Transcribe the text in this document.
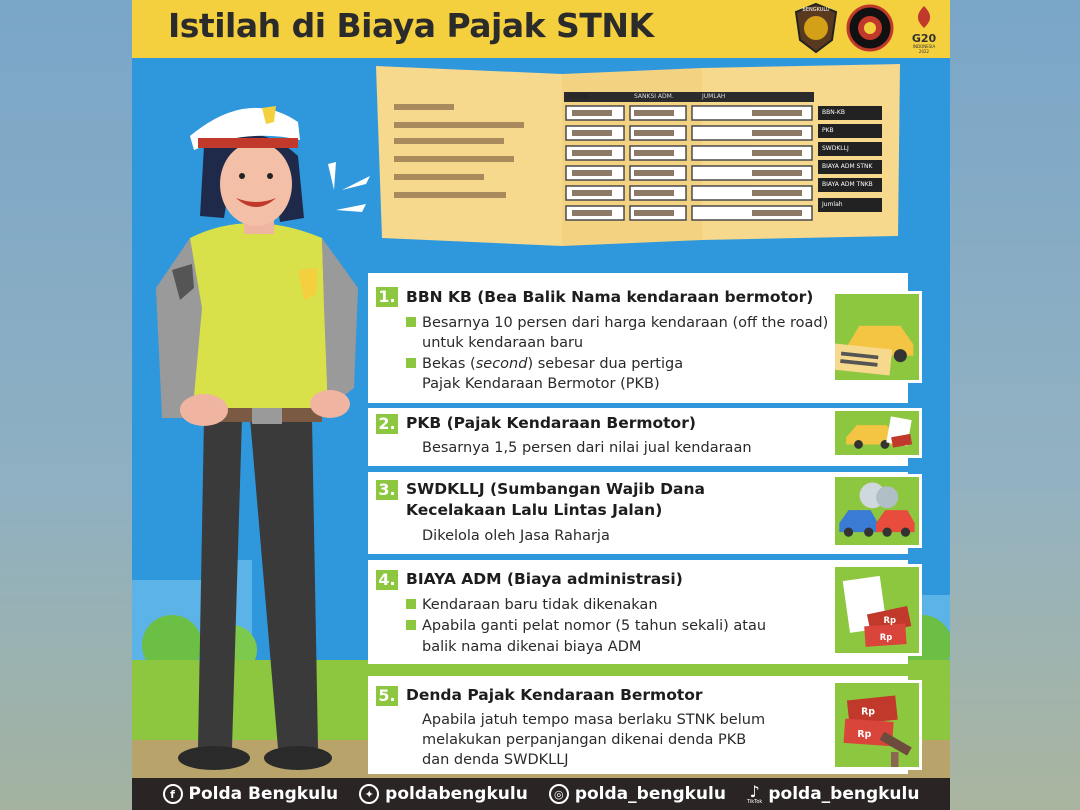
Istilah di Biaya Pajak STNK	BENGKULU
G20
INDONESIA
2022
POKOK	SANKSI ADM.	JUMLAH
BBN-KB
PKB
SWDKLLJ
BIAYA ADM STNK
BIAYA ADM TNKB
Jumlah
1. BBN KB (Bea Balik Nama kendaraan bermotor)
Besarnya 10 persen dari harga kendaraan (off the road)
untuk kendaraan baru
Bekas (second) sebesar dua pertiga
Pajak Kendaraan Bermotor (PKB)
2. PKB (Pajak Kendaraan Bermotor)
Besarnya 1,5 persen dari nilai jual kendaraan
3. SWDKLLJ (Sumbangan Wajib Dana
Kecelakaan Lalu Lintas Jalan)
Dikelola oleh Jasa Raharja
4. BIAYA ADM (Biaya administrasi)
Kendaraan baru tidak dikenakan
Apabila ganti pelat nomor (5 tahun sekali) atau
balik nama dikenai biaya ADM
Rp
Rp
5. Denda Pajak Kendaraan Bermotor
Apabila jatuh tempo masa berlaku STNK belum
melakukan perpanjangan dikenai denda PKB
dan denda SWDKLLJ
Rp
Rp
f Polda Bengkulu	✦ poldabengkulu	◎ polda_bengkulu ♪
TikTok polda_bengkulu
